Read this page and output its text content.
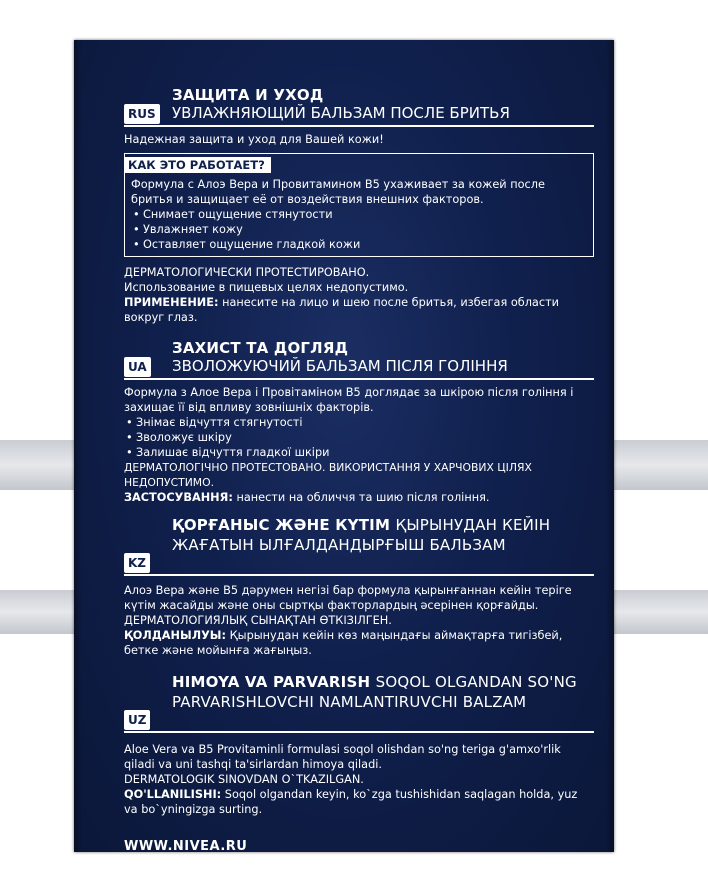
RUS
ЗАЩИТА И УХОД
УВЛАЖНЯЮЩИЙ БАЛЬЗАМ ПОСЛЕ БРИТЬЯ

Надежная защита и уход для Вашей кожи!

КАК ЭТО РАБОТАЕТ?

Формула с Алоэ Вера и Провитамином В5 ухаживает за кожей после бритья и защищает её от воздействия внешних факторов.

• Снимает ощущение стянутости
• Увлажняет кожу
• Оставляет ощущение гладкой кожи

ДЕРМАТОЛОГИЧЕСКИ ПРОТЕСТИРОВАНО.

Использование в пищевых целях недопустимо.

ПРИМЕНЕНИЕ: нанесите на лицо и шею после бритья, избегая области вокруг глаз.

UA
ЗАХИСТ ТА ДОГЛЯД
ЗВОЛОЖУЮЧИЙ БАЛЬЗАМ ПІСЛЯ ГОЛІННЯ

Формула з Алое Вера і Провітаміном В5 доглядає за шкірою після гоління і захищає її від впливу зовнішніх факторів.

• Знімає відчуття стягнутості
• Зволожує шкіру
• Залишає відчуття гладкої шкіри

ДЕРМАТОЛОГІЧНО ПРОТЕСТОВАНО. ВИКОРИСТАННЯ У ХАРЧОВИХ ЦІЛЯХ НЕДОПУСТИМО.

ЗАСТОСУВАННЯ: нанести на обличчя та шию після гоління.

KZ
ҚОРҒАНЫС ЖӘНЕ КҮТІМ ҚЫРЫНУДАН КЕЙІН ЖАҒАТЫН ЫЛҒАЛДАНДЫРҒЫШ БАЛЬЗАМ

Алоэ Вера және В5 дәрумен негізі бар формула қырынғаннан кейін теріге күтім жасайды және оны сыртқы факторлардың әсерінен қорғайды.

ДЕРМАТОЛОГИЯЛЫҚ СЫНАҚТАН ӨТКІЗІЛГЕН.

ҚОЛДАНЫЛУЫ: Қырынудан кейін көз маңындағы аймақтарға тигізбей, бетке және мойынға жағыңыз.

UZ
HIMOYA VA PARVARISH SOQOL OLGANDAN SO'NG PARVARISHLOVCHI NAMLANTIRUVCHI BALZAM

Aloe Vera va B5 Provitaminli formulasi soqol olishdan so'ng teriga g'amxo'rlik qiladi va uni tashqi ta'sirlardan himoya qiladi.

DERMATOLOGIK SINOVDAN O`TKAZILGAN.

QO'LLANILISHI: Soqol olgandan keyin, ko`zga tushishidan saqlagan holda, yuz va bo`yningizga surting.

WWW.NIVEA.RU
